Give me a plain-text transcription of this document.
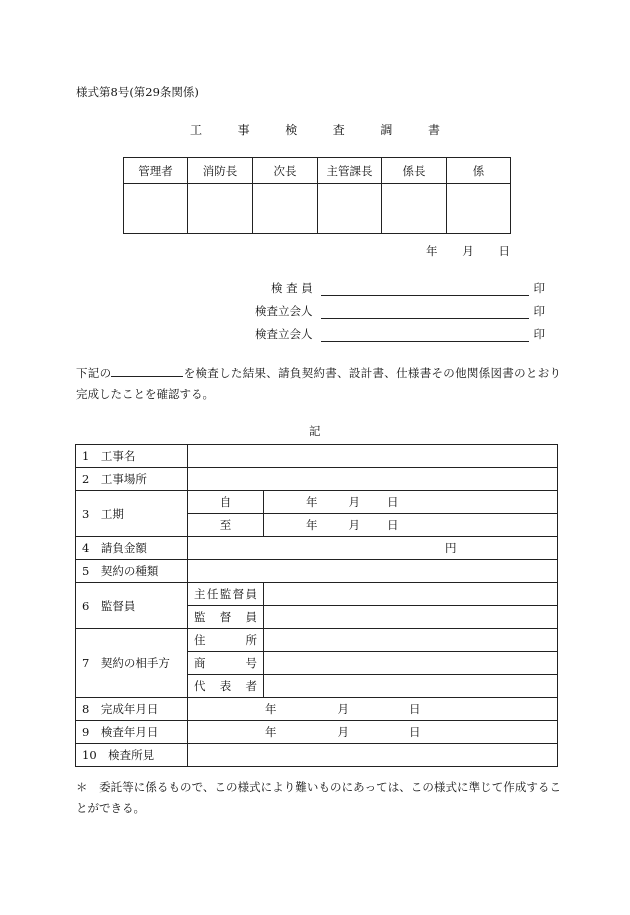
様式第8号(第29条関係)
工	事	検	査	調	書
管理者	消防長	次長	主管課長	係長	係

年 月 日
検 査 員	印
検査立会人	印
検査立会人	印
下記の	を検査した結果、請負契約書、設計書、仕様書その他関係図書のとおり完成したことを確認する。
記
1　工事名		
2　工事場所		
3　工期	自	年 月 日

	至	年 月 日

4　請負金額	円	

5　契約の種類		
6　監督員	主 任 監 督 員	

	監 督 員	

7　契約の相手方	住 所	

	商 号	

	代 表 者	

8　完成年月日	年 月 日	

9　検査年月日	年 月 日	

10　検査所見		
＊　委託等に係るもので、この様式により難いものにあっては、この様式に準じて作成することができる。
